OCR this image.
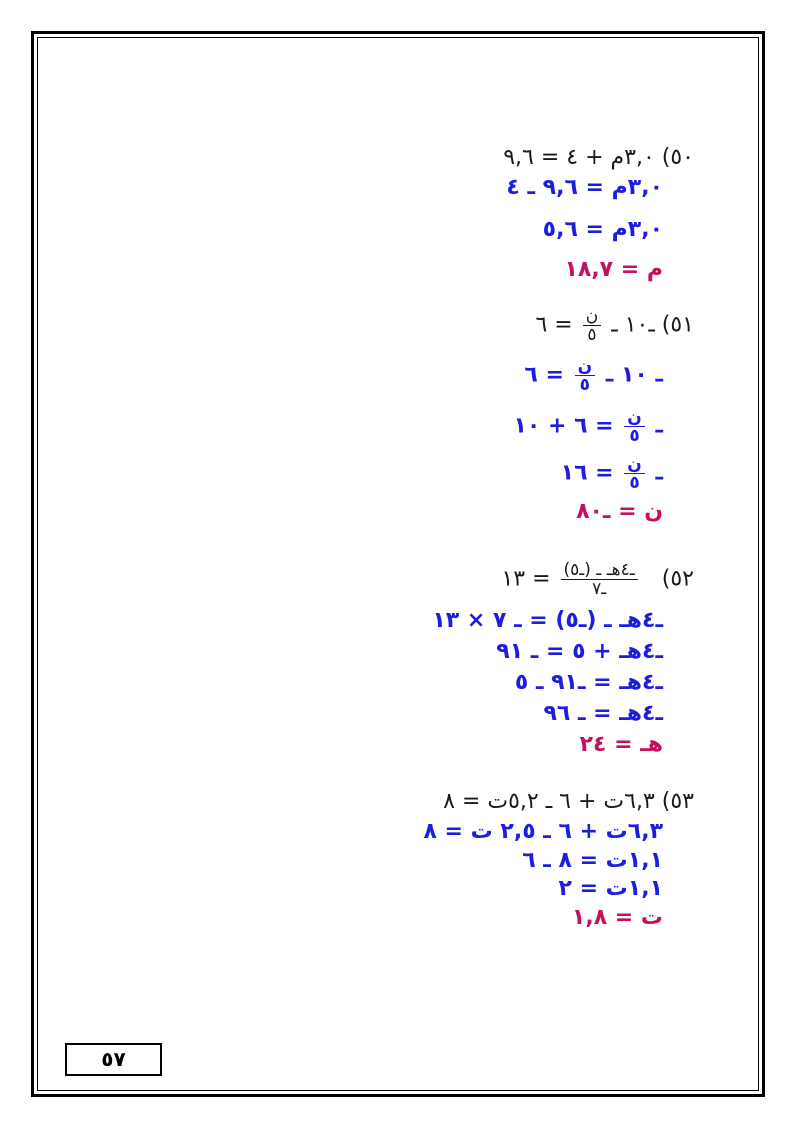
٥٠) ٣,٠م + ٤ = ٩,٦
٣,٠م = ٩,٦ ـ ٤
٣,٠م = ٥,٦
م = ١٨,٧
٥١) ـ١٠ ـ
$\frac{\text{ن}}{٥}$
= ٦
ـ ١٠ ـ
$\frac{\text{ن}}{٥}$
= ٦
ـ
$\frac{\text{ن}}{٥}$
= ٦ + ١٠
ـ
$\frac{\text{ن}}{٥}$
= ١٦
ن = ـ٨٠
٥٢)
$\frac{\text{ـ٤هـ ـ (ـ٥)}}{\text{ـ٧}}$
= ١٣
ـ٤هـ ـ (ـ٥) = ـ ٧ × ١٣
ـ٤هـ + ٥ = ـ ٩١
ـ٤هـ = ـ٩١ ـ ٥
ـ٤هـ = ـ ٩٦
هـ = ٢٤
٥٣) ٦,٣ت + ٦ ـ ٥,٢ت = ٨
٦,٣ت + ٦ ـ ٢,٥ ت = ٨
١,١ت = ٨ ـ ٦
١,١ت = ٢
ت = ١,٨
٥٧
